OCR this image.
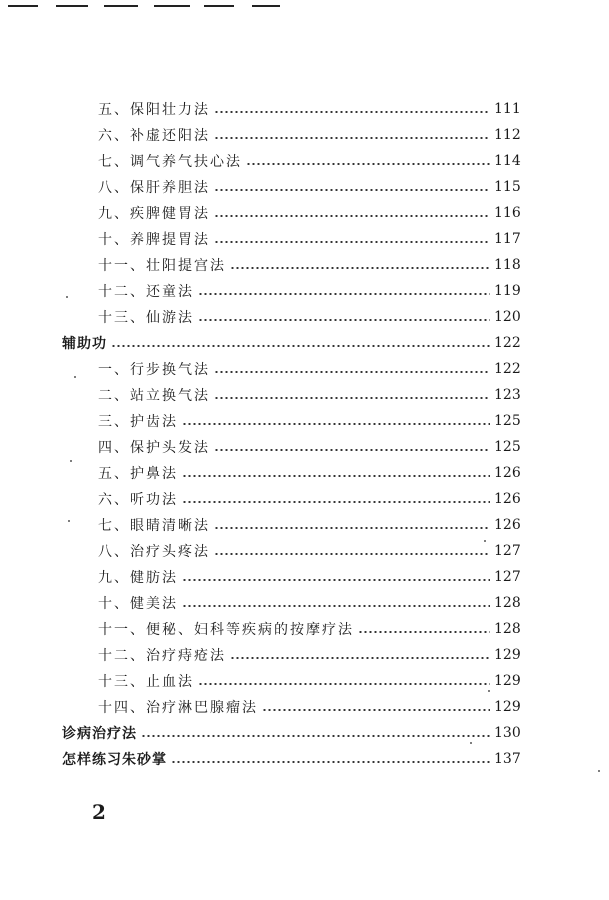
五、保阳壮力法	111
六、补虚还阳法	112
七、调气养气扶心法	114
八、保肝养胆法	115
九、疾脾健胃法	116
十、养脾提胃法	117
十一、壮阳提宫法	118
十二、还童法	119
十三、仙游法	120
辅助功	122
一、行步换气法	122
二、站立换气法	123
三、护齿法	125
四、保护头发法	125
五、护鼻法	126
六、听功法	126
七、眼睛清晰法	126
八、治疗头疼法	127
九、健肪法	127
十、健美法	128
十一、便秘、妇科等疾病的按摩疗法	128
十二、治疗痔疮法	129
十三、止血法	129
十四、治疗淋巴腺瘤法	129
诊病治疗法	130
怎样练习朱砂掌	137
2
